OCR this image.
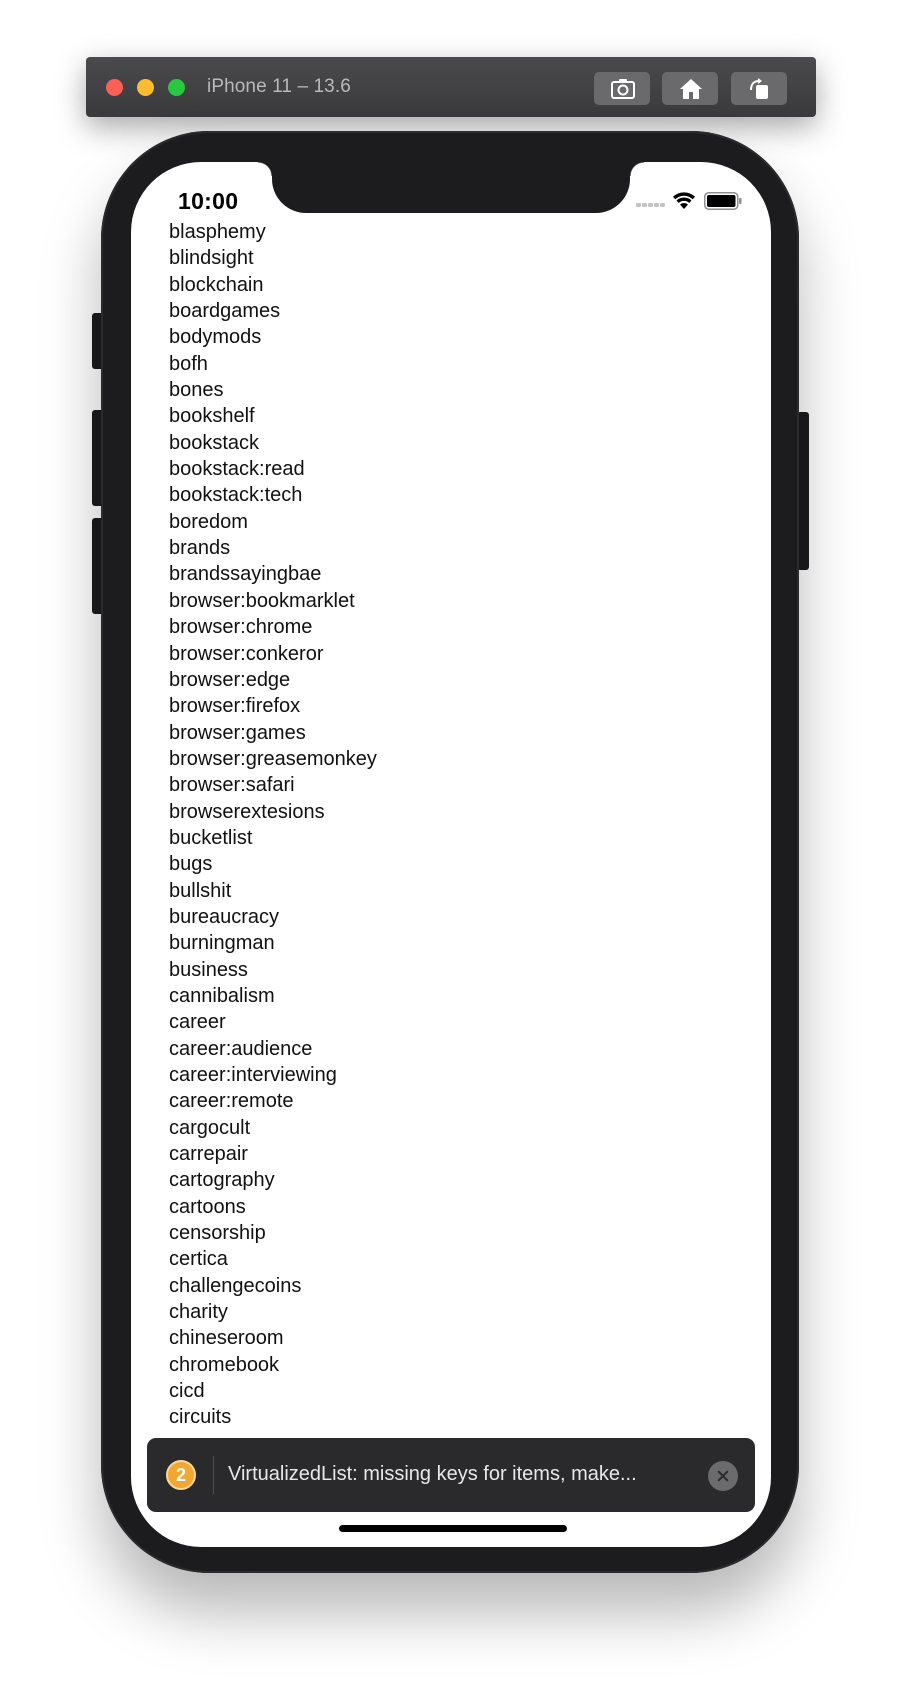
iPhone 11 – 13.6
10:00
blasphemy
blindsight
blockchain
boardgames
bodymods
bofh
bones
bookshelf
bookstack
bookstack:read
bookstack:tech
boredom
brands
brandssayingbae
browser:bookmarklet
browser:chrome
browser:conkeror
browser:edge
browser:firefox
browser:games
browser:greasemonkey
browser:safari
browserextesions
bucketlist
bugs
bullshit
bureaucracy
burningman
business
cannibalism
career
career:audience
career:interviewing
career:remote
cargocult
carrepair
cartography
cartoons
censorship
certica
challengecoins
charity
chineseroom
chromebook
cicd
circuits
2	VirtualizedList: missing keys for items, make...
